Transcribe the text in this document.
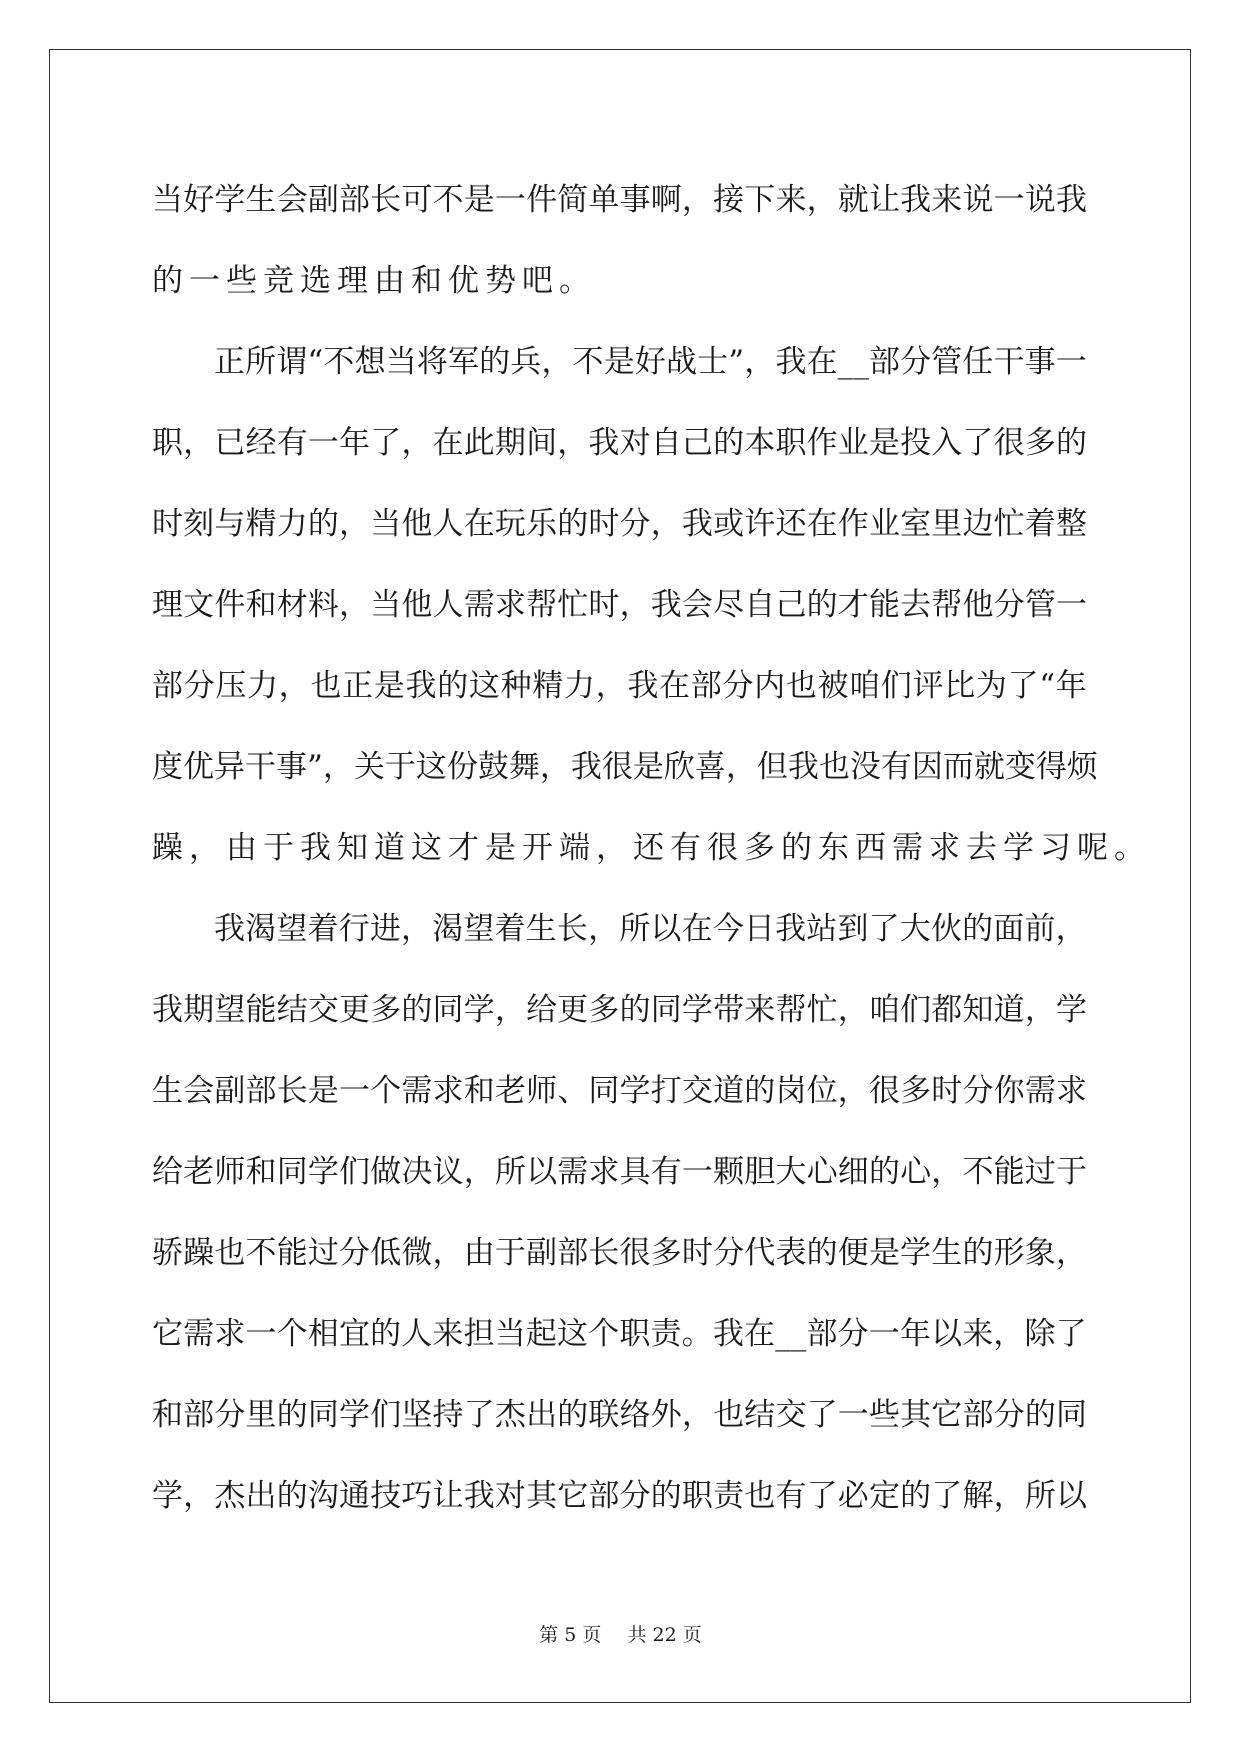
当 好 学 生 会 副 部 长 可 不 是 一 件 简 单 事 啊 ， 接 下 来 ， 就 让 我 来 说 一 说 我
的一些竞选理由和优势吧。
正 所 谓 “ 不 想 当 将 军 的 兵 ， 不 是 好 战 士 ” ， 我 在 _ _ 部 分 管 任 干 事 一
职 ， 已 经 有 一 年 了 ， 在 此 期 间 ， 我 对 自 己 的 本 职 作 业 是 投 入 了 很 多 的
时 刻 与 精 力 的 ， 当 他 人 在 玩 乐 的 时 分 ， 我 或 许 还 在 作 业 室 里 边 忙 着 整
理 文 件 和 材 料 ， 当 他 人 需 求 帮 忙 时 ， 我 会 尽 自 己 的 才 能 去 帮 他 分 管 一
部 分 压 力 ， 也 正 是 我 的 这 种 精 力 ， 我 在 部 分 内 也 被 咱 们 评 比 为 了 “ 年
度 优 异 干 事 ” ， 关 于 这 份 鼓 舞 ， 我 很 是 欣 喜 ， 但 我 也 没 有 因 而 就 变 得 烦
躁，由于我知道这才是开端，还有很多的东西需求去学习呢。
我 渴 望 着 行 进 ， 渴 望 着 生 长 ， 所 以 在 今 日 我 站 到 了 大 伙 的 面 前 ，
我 期 望 能 结 交 更 多 的 同 学 ， 给 更 多 的 同 学 带 来 帮 忙 ， 咱 们 都 知 道 ， 学
生 会 副 部 长 是 一 个 需 求 和 老 师 、 同 学 打 交 道 的 岗 位 ， 很 多 时 分 你 需 求
给 老 师 和 同 学 们 做 决 议 ， 所 以 需 求 具 有 一 颗 胆 大 心 细 的 心 ， 不 能 过 于
骄 躁 也 不 能 过 分 低 微 ， 由 于 副 部 长 很 多 时 分 代 表 的 便 是 学 生 的 形 象 ，
它 需 求 一 个 相 宜 的 人 来 担 当 起 这 个 职 责 。 我 在 _ _ 部 分 一 年 以 来 ， 除 了
和 部 分 里 的 同 学 们 坚 持 了 杰 出 的 联 络 外 ， 也 结 交 了 一 些 其 它 部 分 的 同
学 ， 杰 出 的 沟 通 技 巧 让 我 对 其 它 部 分 的 职 责 也 有 了 必 定 的 了 解 ， 所 以
第 5 页 共 22 页
